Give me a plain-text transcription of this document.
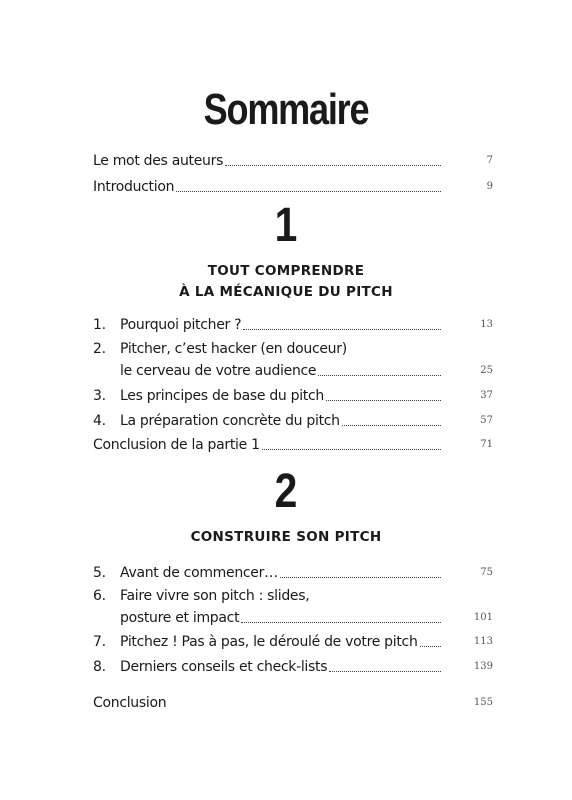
Sommaire
Le mot des auteurs	7
Introduction	9
1
TOUT COMPRENDRE
À LA MÉCANIQUE DU PITCH
1. Pourquoi pitcher ?	13
2. Pitcher, c’est hacker (en douceur)
le cerveau de votre audience	25
3. Les principes de base du pitch	37
4. La préparation concrète du pitch	57
Conclusion de la partie 1	71
2
CONSTRUIRE SON PITCH
5. Avant de commencer…	75
6. Faire vivre son pitch : slides,
posture et impact	101
7. Pitchez ! Pas à pas, le déroulé de votre pitch	113
8. Derniers conseils et check-lists	139
Conclusion	155
